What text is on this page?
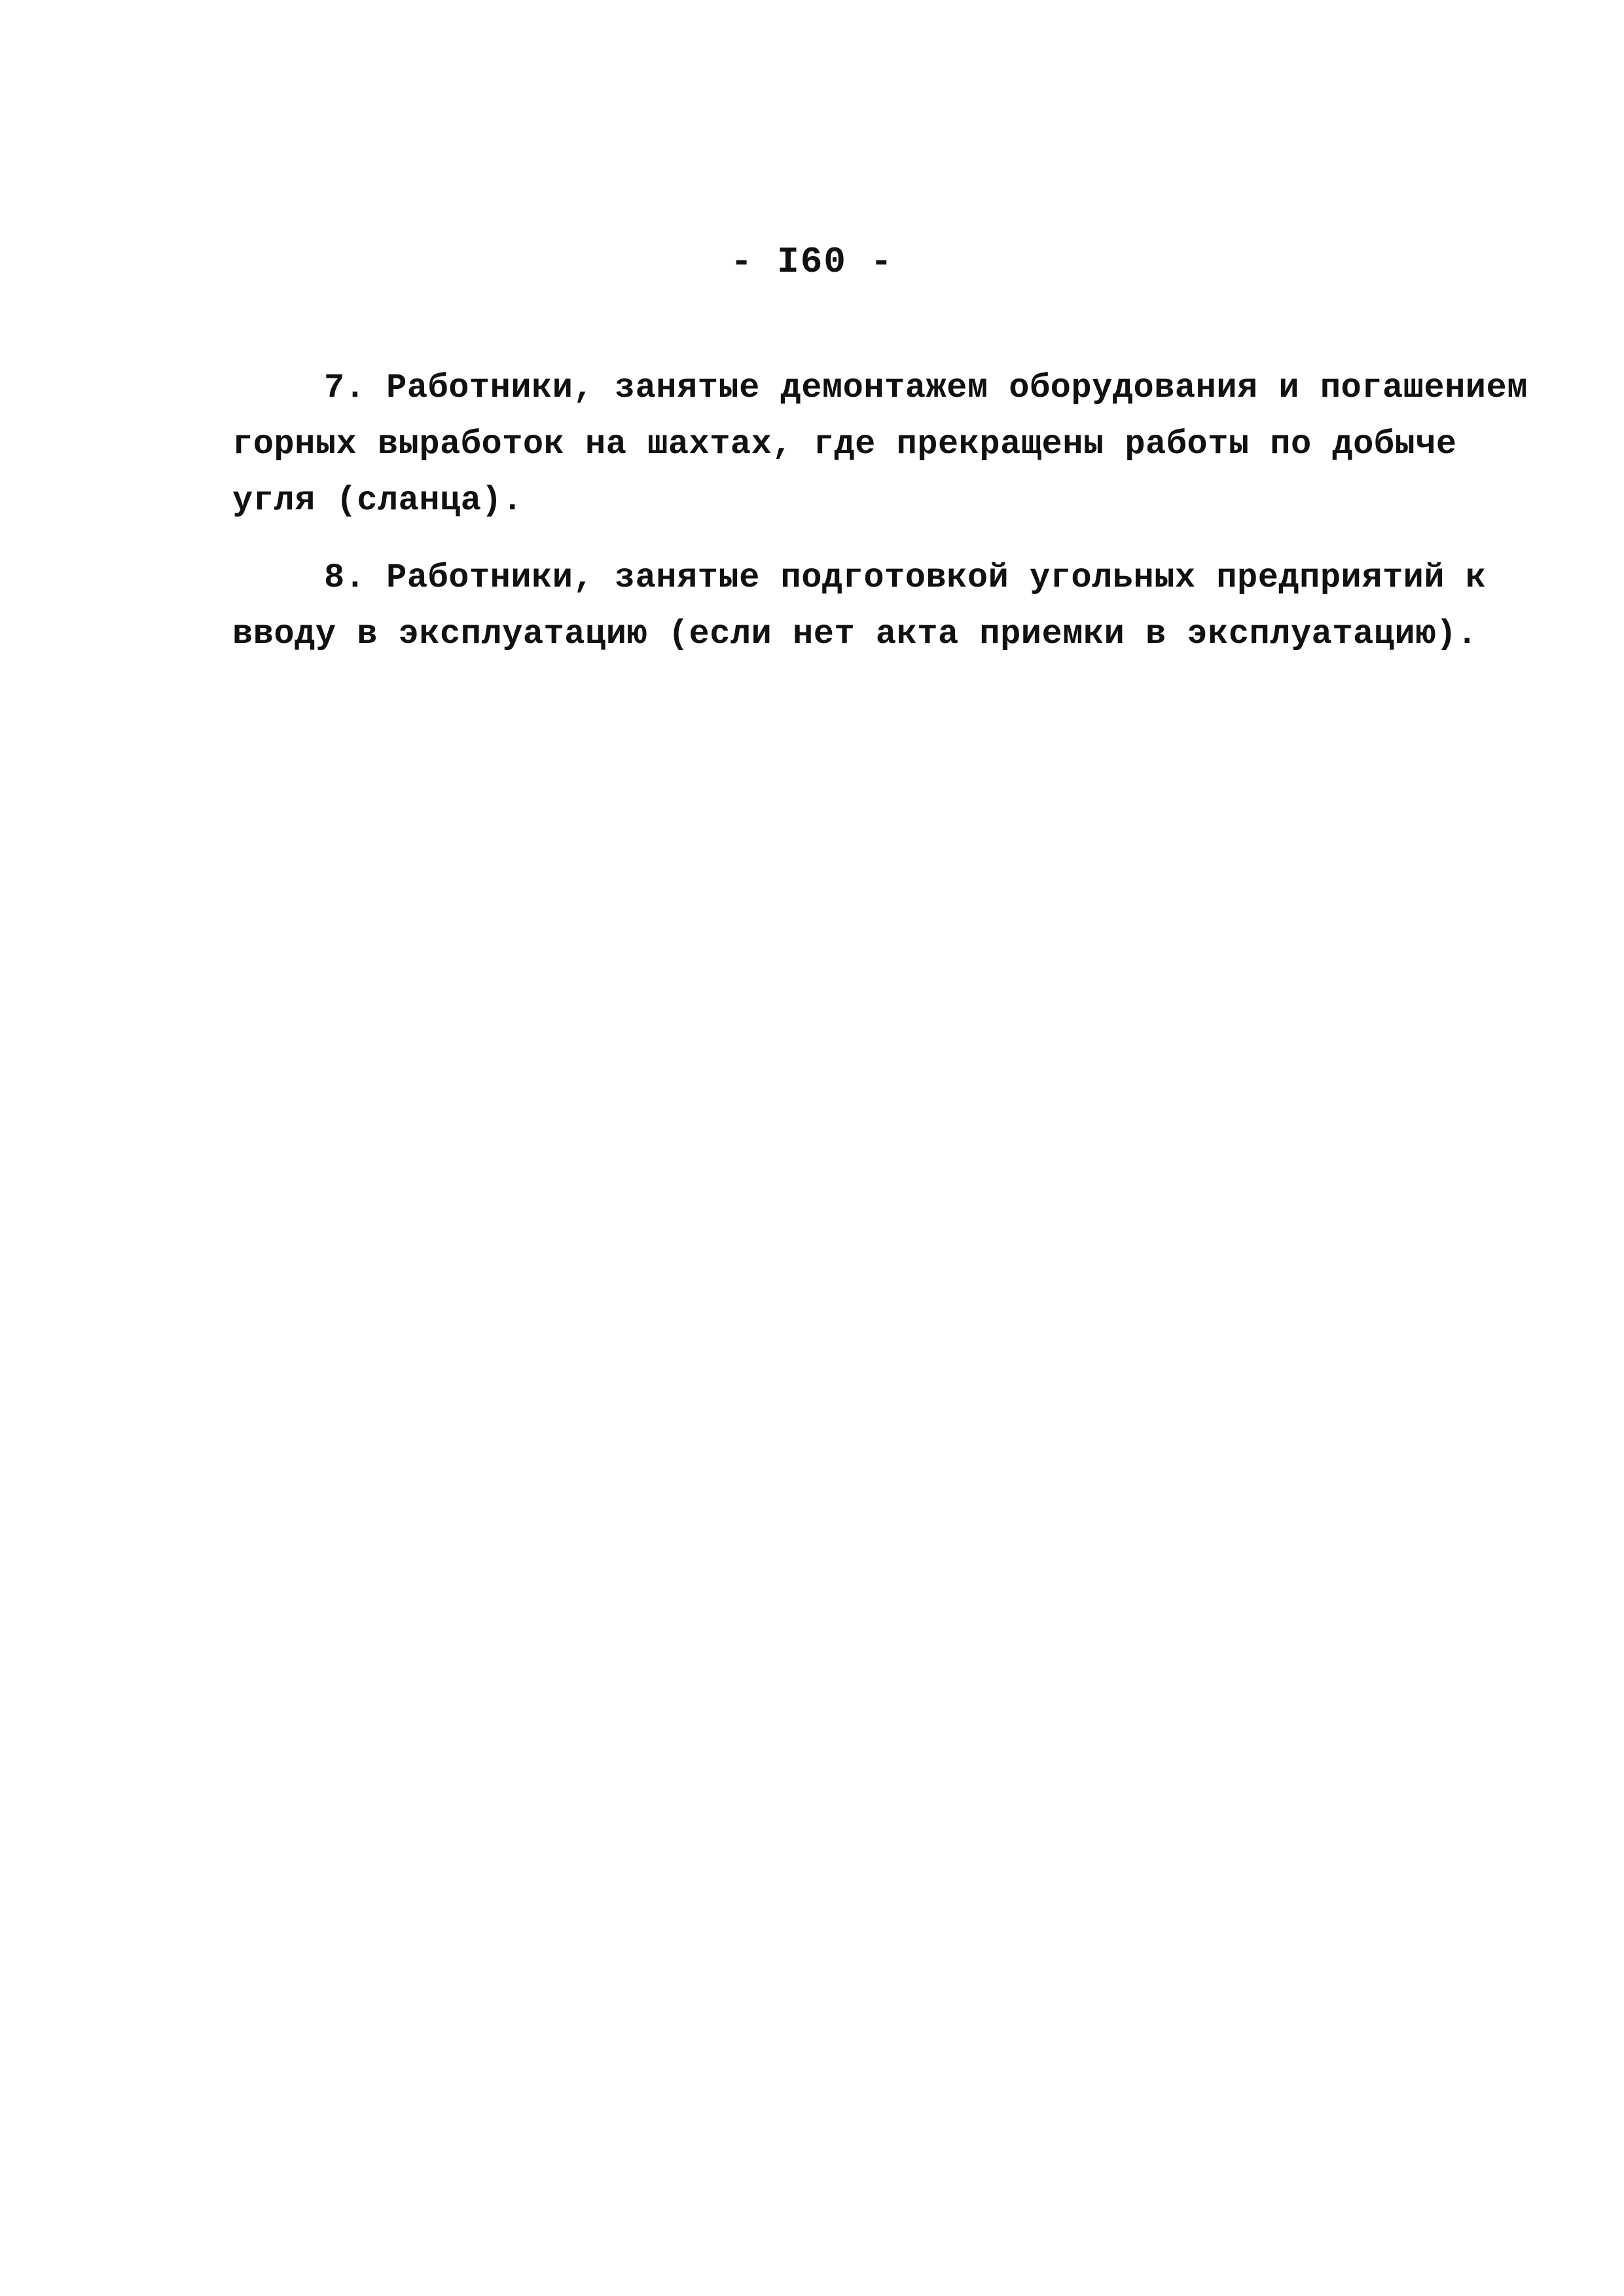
- I60 -
7. Работники, занятые демонтажем оборудования и погашением
горных выработок на шахтах, где прекращены работы по добыче
угля (сланца).
8. Работники, занятые подготовкой угольных предприятий к
вводу в эксплуатацию (если нет акта приемки в эксплуатацию).
